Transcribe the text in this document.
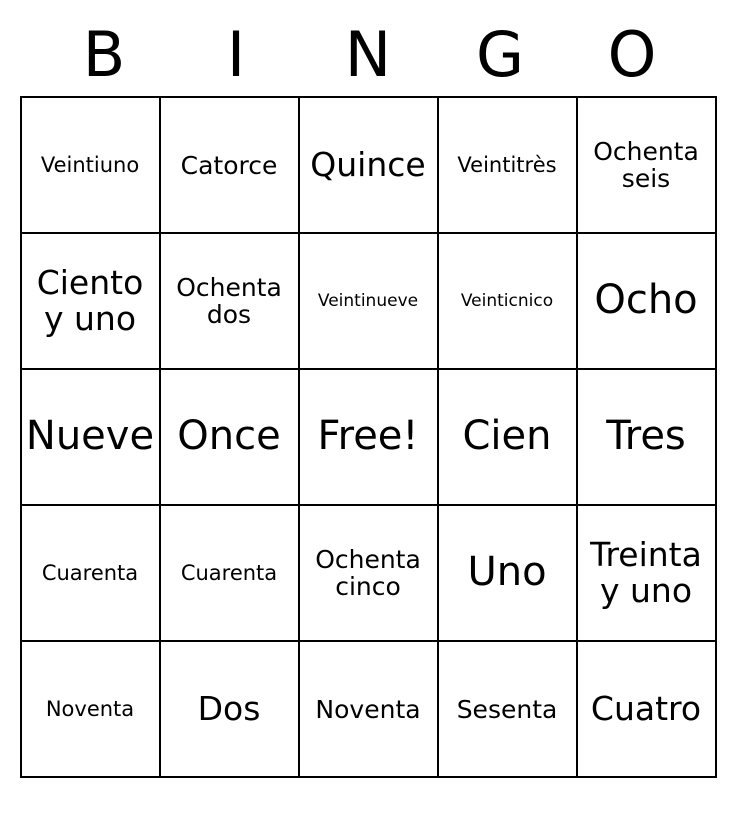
B	I	N	G	O
Veintiuno	Catorce	Quince	Veintitrès	Ochenta seis

Ciento y uno	Ochenta dos	Veintinueve	Veinticnico	Ocho

Nueve	Once	Free!	Cien	Tres

Cuarenta	Cuarenta	Ochenta cinco	Uno	Treinta y uno

Noventa	Dos	Noventa	Sesenta	Cuatro
